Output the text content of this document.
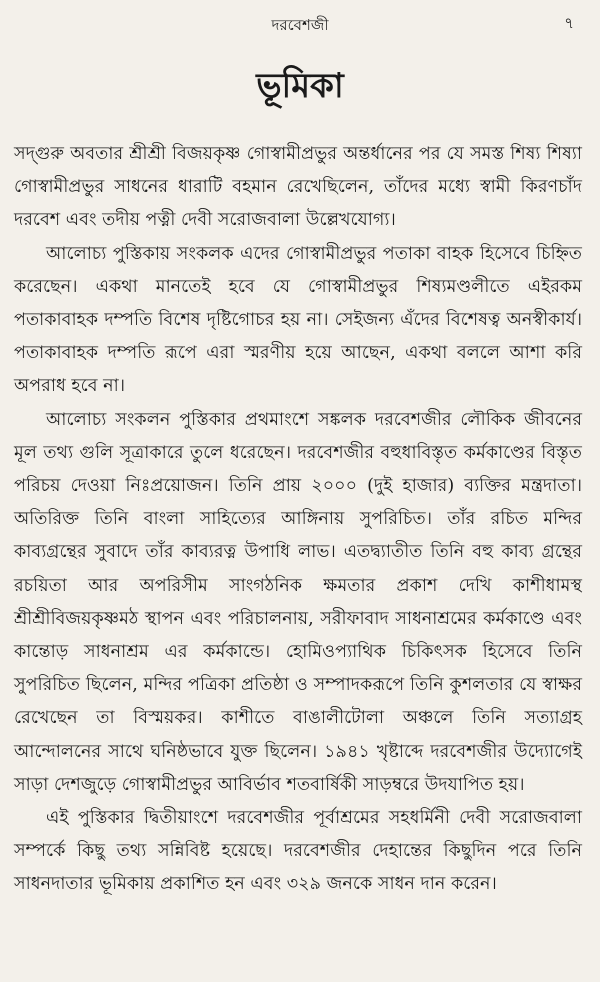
দরবেশজী	৭
ভূমিকা

সদ্গুরু অবতার শ্রীশ্রী বিজয়কৃষ্ণ গোস্বামীপ্রভুর অন্তর্ধানের পর যে সমস্ত শিষ্য শিষ্যা গোস্বামীপ্রভুর সাধনের ধারাটি বহমান রেখেছিলেন, তাঁদের মধ্যে স্বামী কিরণচাঁদ দরবেশ এবং তদীয় পত্নী দেবী সরোজবালা উল্লেখযোগ্য।

আলোচ্য পুস্তিকায় সংকলক এদের গোস্বামীপ্রভুর পতাকা বাহক হিসেবে চিহ্নিত করেছেন। একথা মানতেই হবে যে গোস্বামীপ্রভুর শিষ্যমণ্ডলীতে এইরকম পতাকাবাহক দম্পতি বিশেষ দৃষ্টিগোচর হয় না। সেইজন্য এঁদের বিশেষত্ব অনস্বীকার্য। পতাকাবাহক দম্পতি রূপে এরা স্মরণীয় হয়ে আছেন, একথা বললে আশা করি অপরাধ হবে না।

আলোচ্য সংকলন পুস্তিকার প্রথমাংশে সঙ্কলক দরবেশজীর লৌকিক জীবনের মূল তথ্য গুলি সূত্রাকারে তুলে ধরেছেন। দরবেশজীর বহুধাবিস্তৃত কর্মকাণ্ডের বিস্তৃত পরিচয় দেওয়া নিঃপ্রয়োজন। তিনি প্রায় ২০০০ (দুই হাজার) ব্যক্তির মন্ত্রদাতা। অতিরিক্ত তিনি বাংলা সাহিত্যের আঙ্গিনায় সুপরিচিত। তাঁর রচিত মন্দির কাব্যগ্রন্থের সুবাদে তাঁর কাব্যরত্ন উপাধি লাভ। এতদ্ব্যাতীত তিনি বহু কাব্য গ্রন্থের রচয়িতা আর অপরিসীম সাংগঠনিক ক্ষমতার প্রকাশ দেখি কাশীধামস্থ শ্রীশ্রীবিজয়কৃষ্ণমঠ স্থাপন এবং পরিচালনায়, সরীফাবাদ সাধনাশ্রমের কর্মকাণ্ডে এবং কান্তোড় সাধনাশ্রম এর কর্মকান্ডে। হোমিওপ্যাথিক চিকিৎসক হিসেবে তিনি সুপরিচিত ছিলেন, মন্দির পত্রিকা প্রতিষ্ঠা ও সম্পাদকরূপে তিনি কুশলতার যে স্বাক্ষর রেখেছেন তা বিস্ময়কর। কাশীতে বাঙালীটোলা অঞ্চলে তিনি সত্যাগ্রহ আন্দোলনের সাথে ঘনিষ্ঠভাবে যুক্ত ছিলেন। ১৯৪১ খৃষ্টাব্দে দরবেশজীর উদ্যোগেই সাড়া দেশজুড়ে গোস্বামীপ্রভুর আবির্ভাব শতবার্ষিকী সাড়ম্বরে উদযাপিত হয়।

এই পুস্তিকার দ্বিতীয়াংশে দরবেশজীর পূর্বাশ্রমের সহধর্মিনী দেবী সরোজবালা সম্পর্কে কিছু তথ্য সন্নিবিষ্ট হয়েছে। দরবেশজীর দেহান্তের কিছুদিন পরে তিনি সাধনদাতার ভূমিকায় প্রকাশিত হন এবং ৩২৯ জনকে সাধন দান করেন।
